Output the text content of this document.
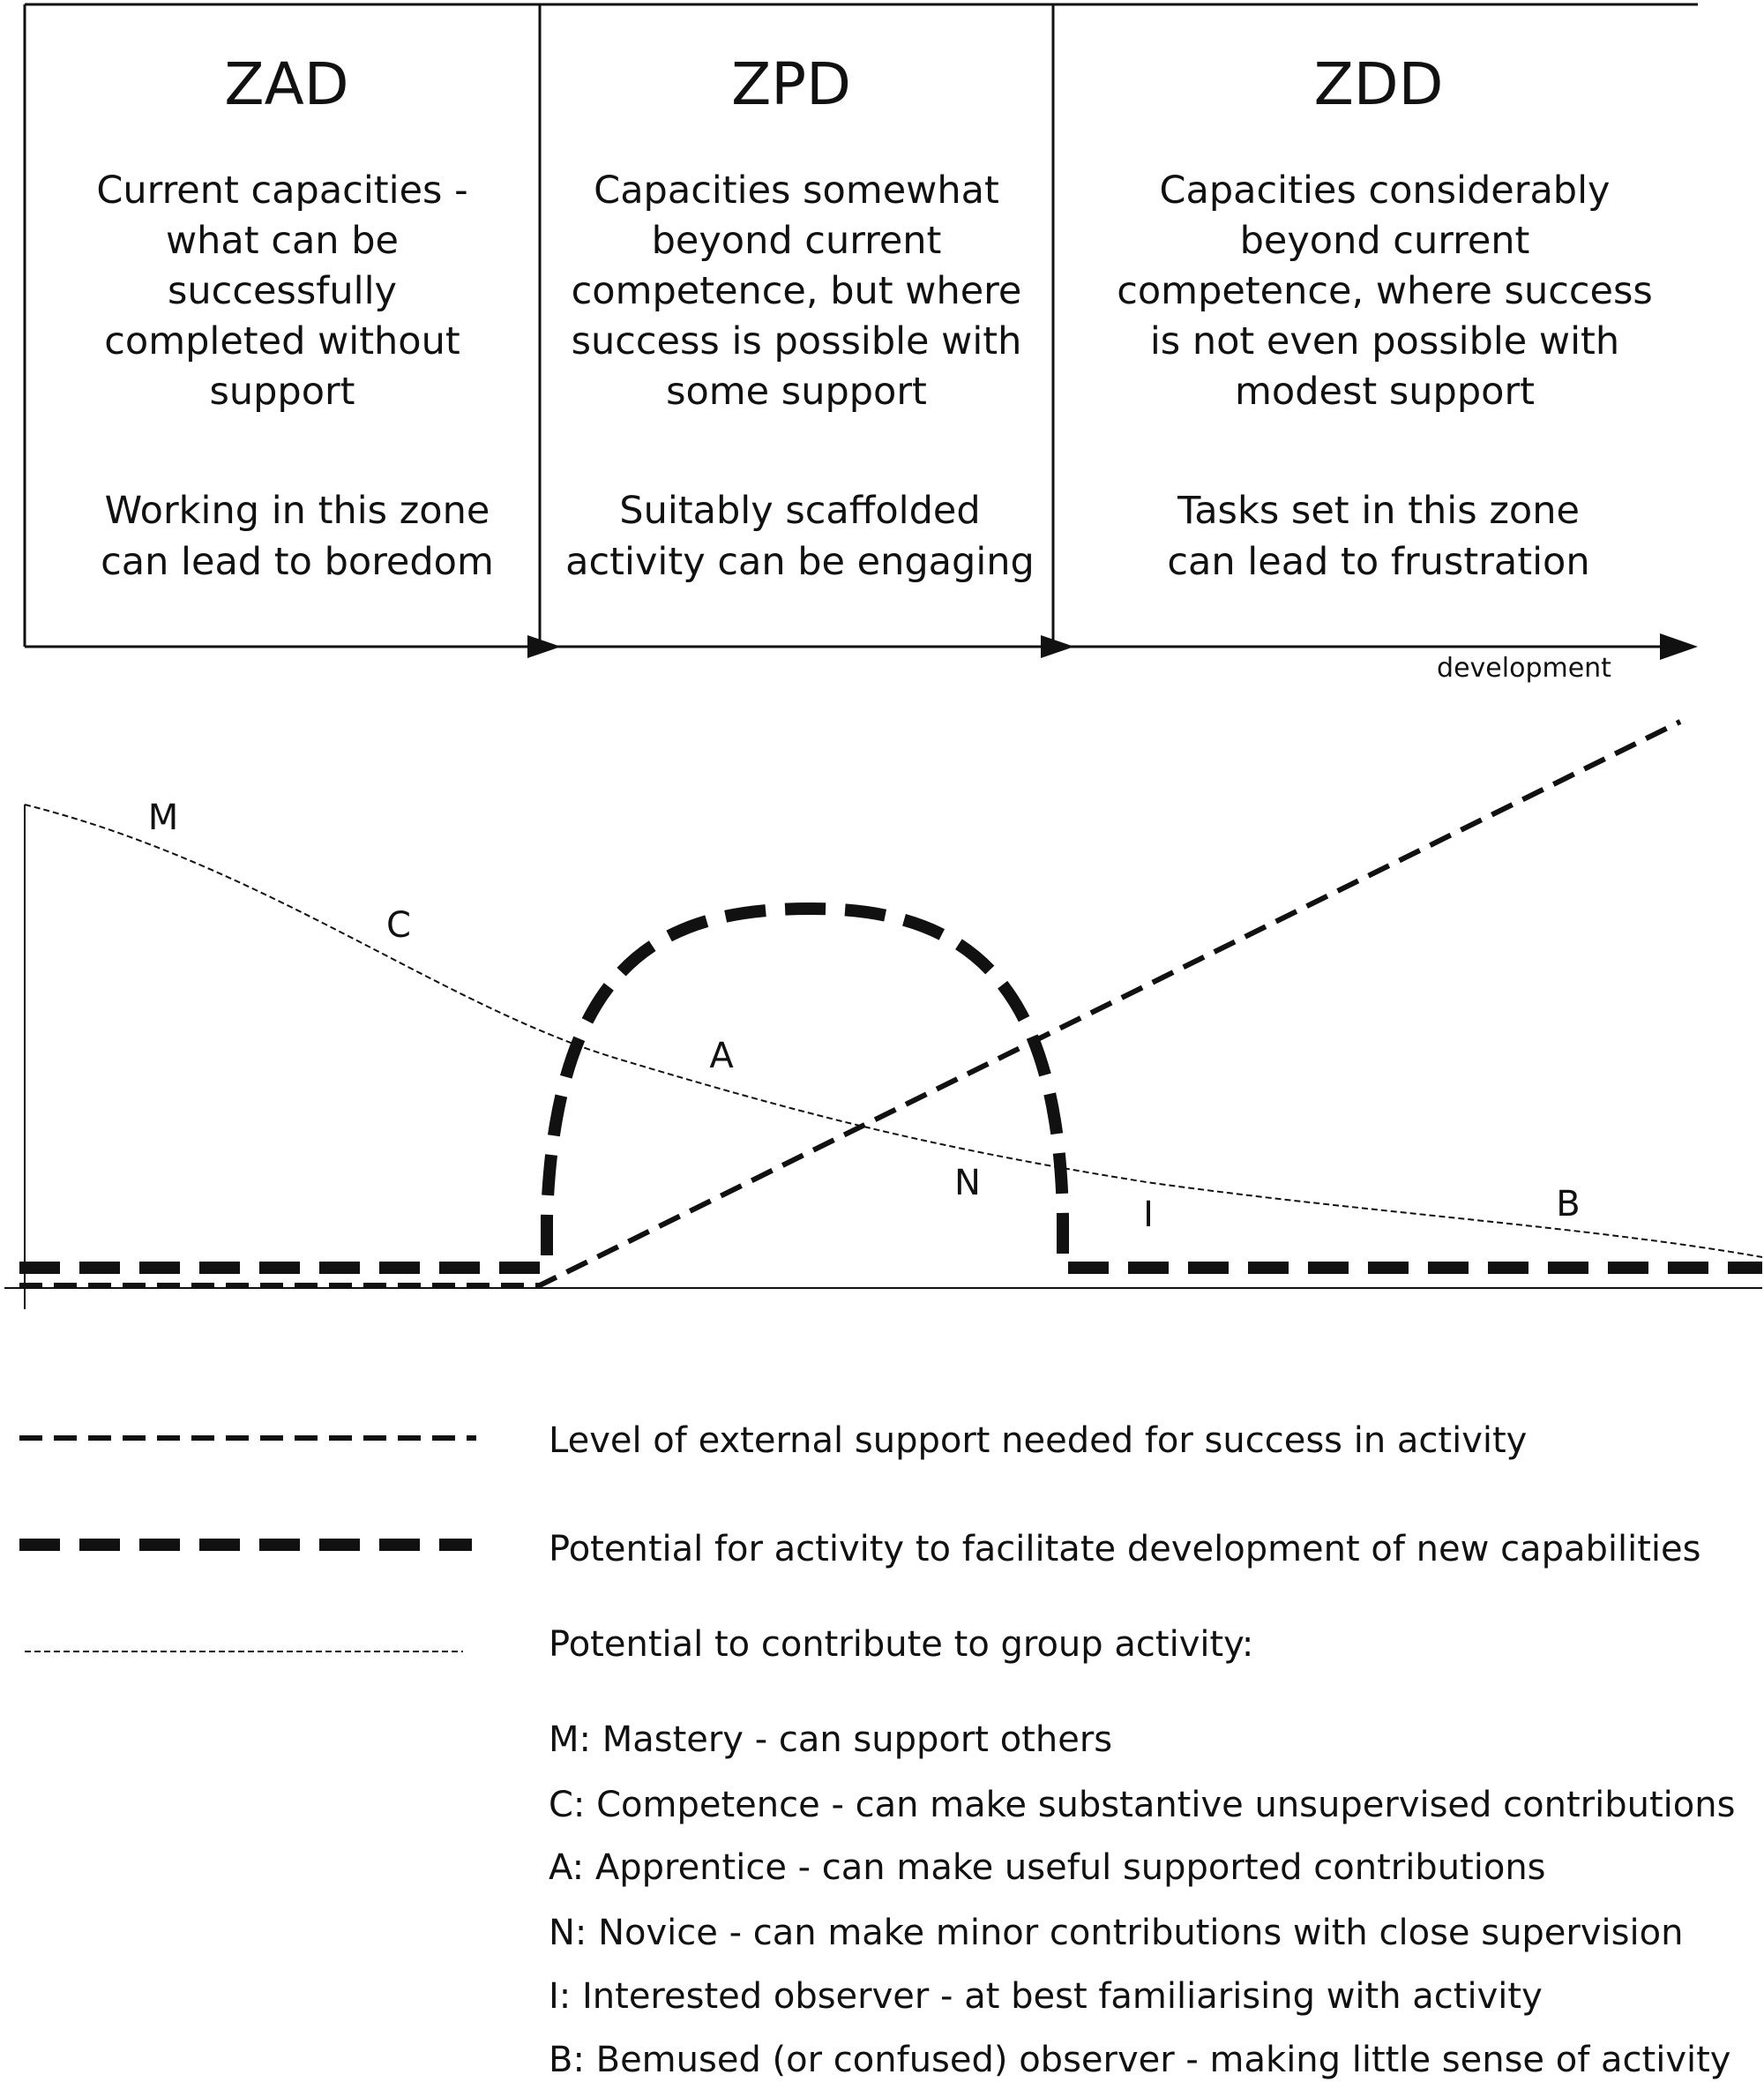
development
ZAD
Current capacities -
what can be
successfully
completed without
support
Working in this zone
can lead to boredom
ZPD
Capacities somewhat
beyond current
competence, but where
success is possible with
some support
Suitably scaffolded
activity can be engaging
ZDD
Capacities considerably
beyond current
competence, where success
is not even possible with
modest support
Tasks set in this zone
can lead to frustration
M
C
A
N
I	B
Level of external support needed for success in activity
Potential for activity to facilitate development of new capabilities
Potential to contribute to group activity:
M: Mastery - can support others
C: Competence - can make substantive unsupervised contributions
A: Apprentice - can make useful supported contributions
N: Novice - can make minor contributions with close supervision
I: Interested observer - at best familiarising with activity
B: Bemused (or confused) observer - making little sense of activity
